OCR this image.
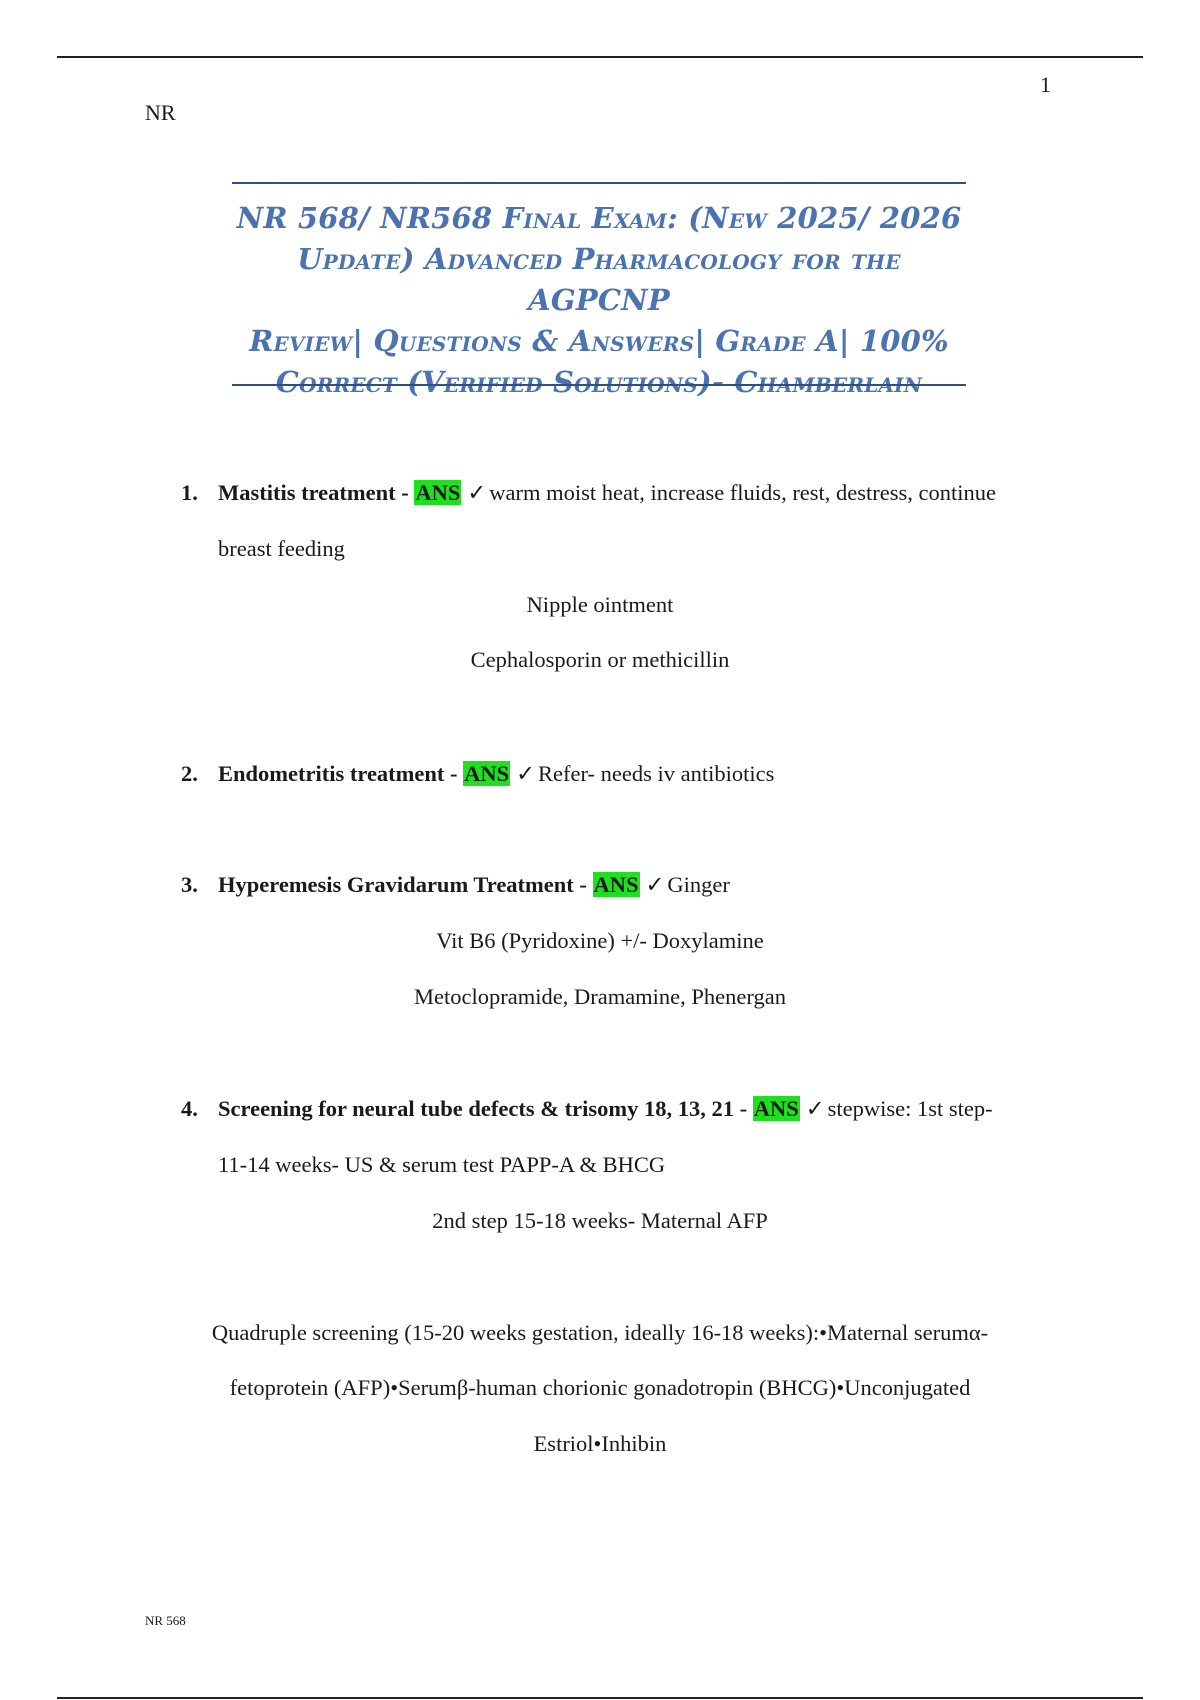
1
NR
NR 568/ NR568 Final Exam: (New 2025/ 2026
Update) Advanced Pharmacology for the AGPCNP
Review| Questions & Answers| Grade A| 100%
Correct (Verified Solutions)- Chamberlain
1. Mastitis treatment - ANS ✓ warm moist heat, increase fluids, rest, destress, continue
breast feeding
Nipple ointment
Cephalosporin or methicillin
2. Endometritis treatment - ANS ✓ Refer- needs iv antibiotics
3. Hyperemesis Gravidarum Treatment - ANS ✓ Ginger
Vit B6 (Pyridoxine) +/- Doxylamine
Metoclopramide, Dramamine, Phenergan
4. Screening for neural tube defects & trisomy 18, 13, 21 - ANS ✓ stepwise: 1st step-
11-14 weeks- US & serum test PAPP-A & BHCG
2nd step 15-18 weeks- Maternal AFP
Quadruple screening (15-20 weeks gestation, ideally 16-18 weeks):•Maternal serumα-
fetoprotein (AFP)•Serumβ-human chorionic gonadotropin (BHCG)•Unconjugated
Estriol•Inhibin
NR 568
